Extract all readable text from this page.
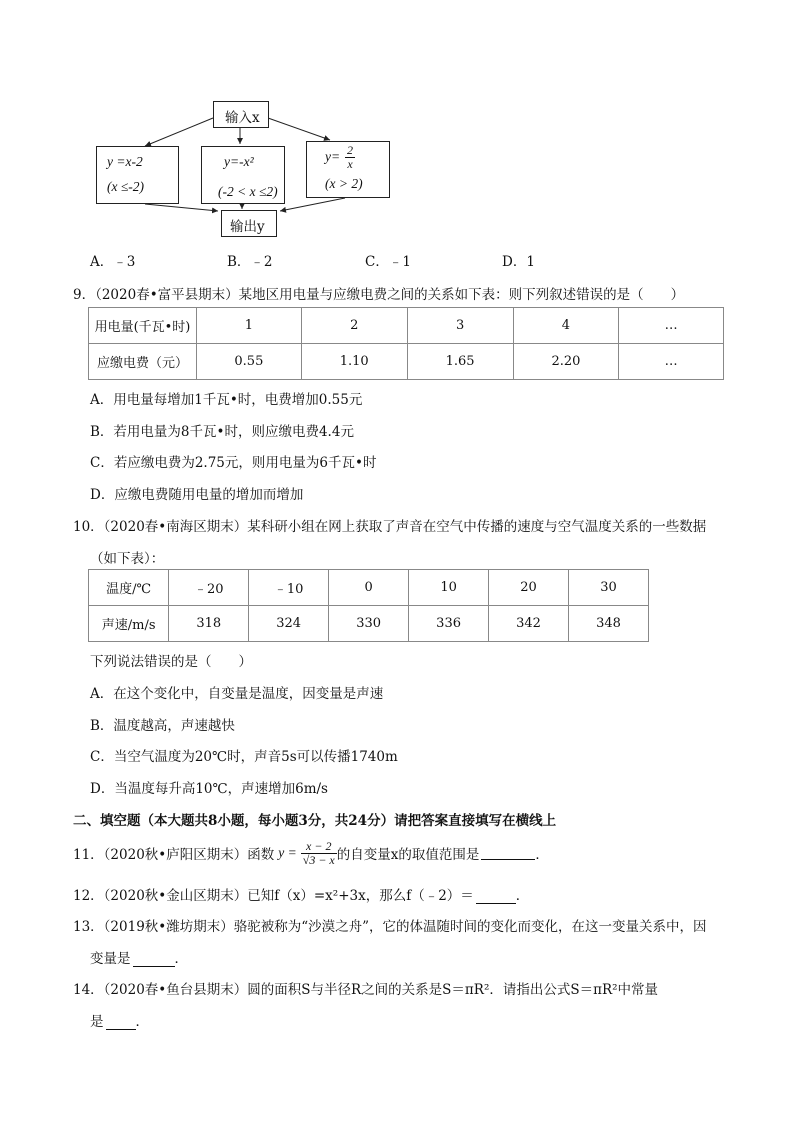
输入x
y =x-2
(x ≤-2)
y=-x²
(-2 < x ≤2)
$y= \frac{2}{x}$
(x > 2)
输出y
A．﹣3	B．﹣2	C．﹣1	D．1
9．（2020春•富平县期末）某地区用电量与应缴电费之间的关系如下表：则下列叙述错误的是（　　）
用电量(千瓦•时)	1	2	3	4	…
应缴电费（元）	0.55	1.10	1.65	2.20	…
A．用电量每增加1千瓦•时，电费增加0.55元
B．若用电量为8千瓦•时，则应缴电费4.4元
C．若应缴电费为2.75元，则用电量为6千瓦•时
D．应缴电费随用电量的增加而增加
10．（2020春•南海区期末）某科研小组在网上获取了声音在空气中传播的速度与空气温度关系的一些数据
（如下表）：
温度/℃	﹣20	﹣10	0	10	20	30
声速/m/s	318	324	330	336	342	348
下列说法错误的是（　　）
A．在这个变化中，自变量是温度，因变量是声速
B．温度越高，声速越快
C．当空气温度为20℃时，声音5s可以传播1740m
D．当温度每升高10℃，声速增加6m/s
二、填空题（本大题共8小题，每小题3分，共24分）请把答案直接填写在横线上
11．（2020秋•庐阳区期末）函数 $y = \frac{x - 2}{√3 - x}$ 的自变量x的取值范围是	．
12．（2020秋•金山区期末）已知f（x）=x²+3x，那么f（﹣2）＝	．
13．（2019秋•潍坊期末）骆驼被称为“沙漠之舟”，它的体温随时间的变化而变化，在这一变量关系中，因
变量是	．
14．（2020春•鱼台县期末）圆的面积S与半径R之间的关系是S＝πR²．请指出公式S＝πR²中常量
是 ．
